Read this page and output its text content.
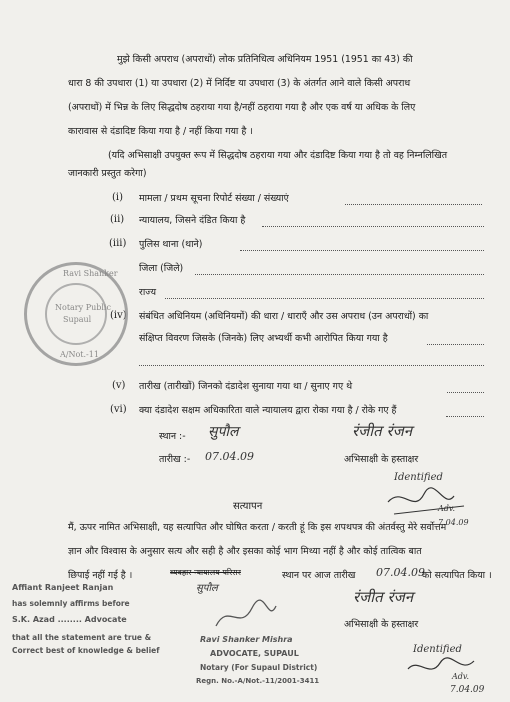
मुझे किसी अपराध (अपराधों) लोक प्रतिनिधित्व अधिनियम 1951 (1951 का 43) की
धारा 8 की उपधारा (1) या उपधारा (2) में निर्दिष्ट या उपधारा (3) के अंतर्गत आने वाले किसी अपराध
(अपराधों) में भिन्न के लिए सिद्धदोष ठहराया गया है/नहीं ठहराया गया है और एक वर्ष या अधिक के लिए
कारावास से दंडादिष्ट किया गया है / नहीं किया गया है ।
(यदि अभिसाक्षी उपयुक्त रूप में सिद्धदोष ठहराया गया और दंडादिष्ट किया गया है तो वह निम्नलिखित
जानकारी प्रस्तुत करेगा)
(i) मामला / प्रथम सूचना रिपोर्ट संख्या / संख्याएं
(ii) न्यायालय, जिसने दंडित किया है
(iii) पुलिस थाना (थाने)
जिला (जिले)
राज्य
(iv) संबंधित अधिनियम (अधिनियमों) की धारा / धाराएँ और उस अपराध (उन अपराधों) का
संक्षिप्त विवरण जिसके (जिनके) लिए अभ्यर्थी कभी आरोपित किया गया है
(v) तारीख (तारीखों) जिनको दंडादेश सुनाया गया था / सुनाए गए थे
(vi) क्या दंडादेश सक्षम अधिकारिता वाले न्यायालय द्वारा रोका गया है / रोके गए हैं
स्थान :- सुपौल
तारीख :- 07.04.09
रंजीत रंजन
अभिसाक्षी के हस्ताक्षर
Identified
Adv.
7.04.09
Ravi Shanker
Notary Public
Supaul
A/Not.-11
सत्यापन
मैं, ऊपर नामित अभिसाक्षी, यह सत्यापित और घोषित करता / करती हूं कि इस शपथपत्र की अंतर्वस्तु मेरे सर्वोत्तम
ज्ञान और विश्वास के अनुसार सत्य और सही है और इसका कोई भाग मिथ्या नहीं है और कोई तात्विक बात
छिपाई नहीं गई है ।	व्यवहार न्यायालय परिसर	स्थान पर आज तारीख 07.04.09
को सत्यापित किया ।
सुपौल	रंजीत रंजन
अभिसाक्षी के हस्ताक्षर
Identified
Adv.
7.04.09
Affiant Ranjeet Ranjan
has solemnly affirms before
S.K. Azad ........ Advocate
that all the statement are true &
Correct best of knowledge & belief
Ravi Shanker Mishra
ADVOCATE, SUPAUL
Notary (For Supaul District)
Regn. No.-A/Not.-11/2001-3411
